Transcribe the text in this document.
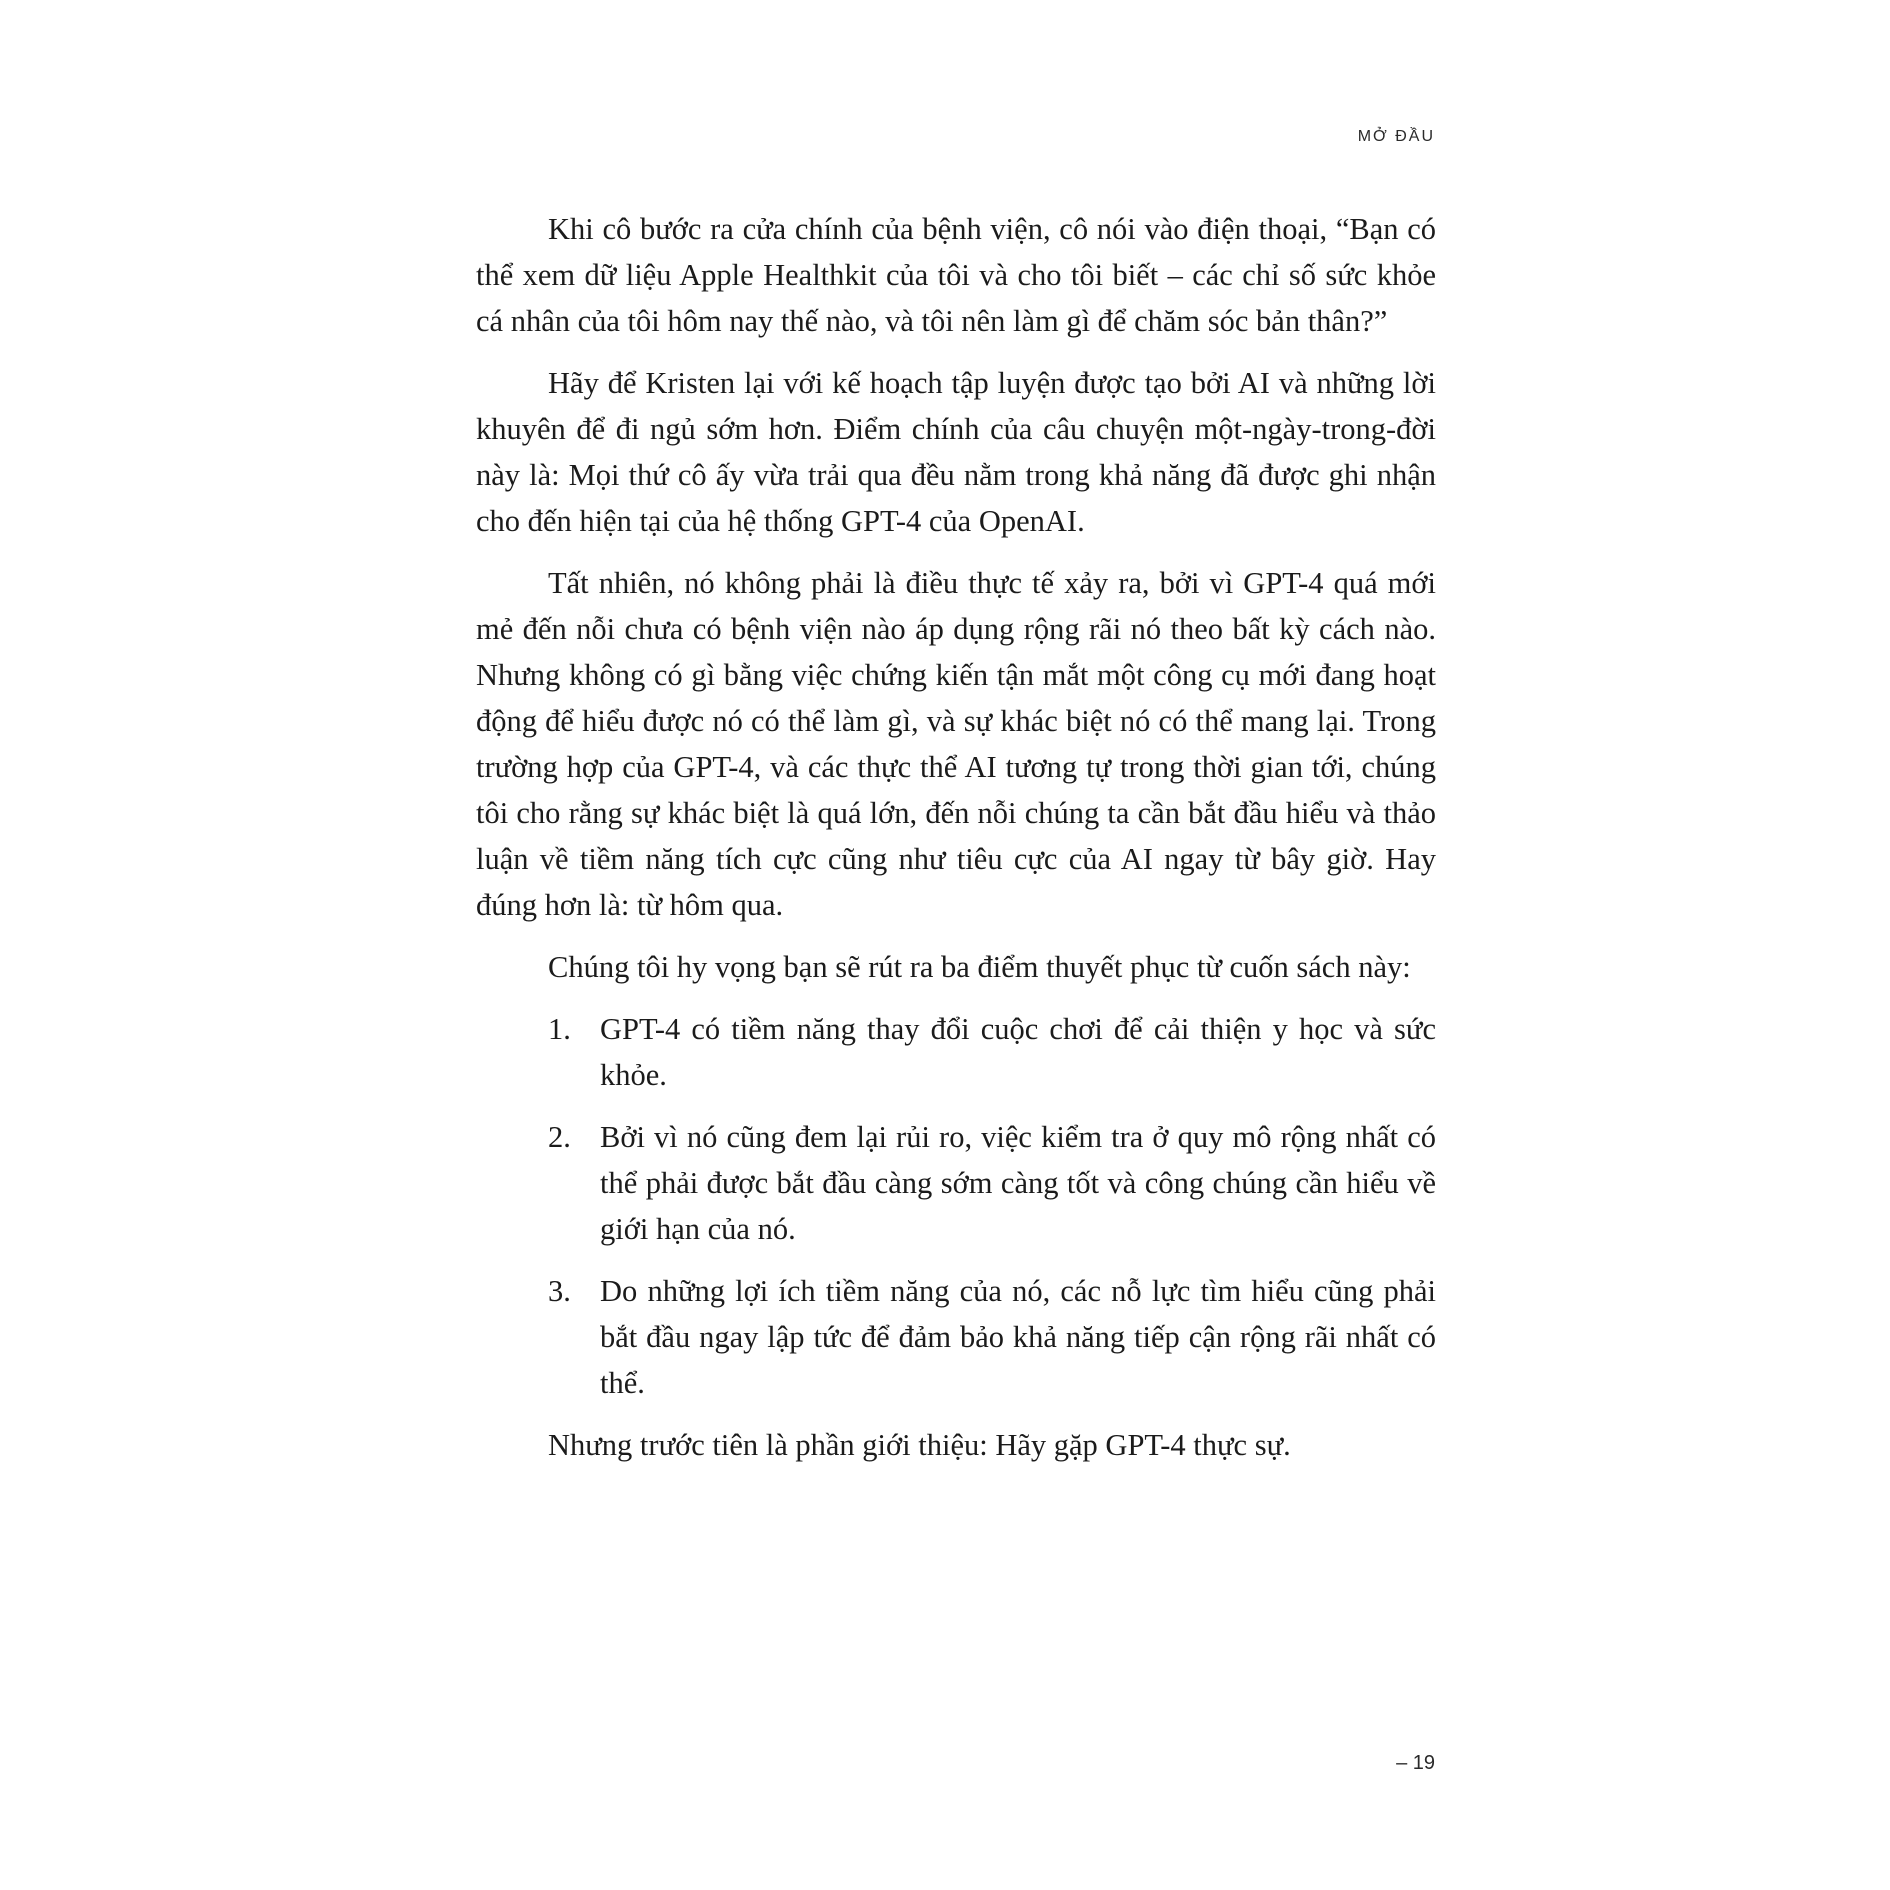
MỞ ĐẦU

Khi cô bước ra cửa chính của bệnh viện, cô nói vào điện thoại, “Bạn có thể xem dữ liệu Apple Healthkit của tôi và cho tôi biết – các chỉ số sức khỏe cá nhân của tôi hôm nay thế nào, và tôi nên làm gì để chăm sóc bản thân?”

Hãy để Kristen lại với kế hoạch tập luyện được tạo bởi AI và những lời khuyên để đi ngủ sớm hơn. Điểm chính của câu chuyện một-ngày-trong-đời này là: Mọi thứ cô ấy vừa trải qua đều nằm trong khả năng đã được ghi nhận cho đến hiện tại của hệ thống GPT-4 của OpenAI.

Tất nhiên, nó không phải là điều thực tế xảy ra, bởi vì GPT-4 quá mới mẻ đến nỗi chưa có bệnh viện nào áp dụng rộng rãi nó theo bất kỳ cách nào. Nhưng không có gì bằng việc chứng kiến tận mắt một công cụ mới đang hoạt động để hiểu được nó có thể làm gì, và sự khác biệt nó có thể mang lại. Trong trường hợp của GPT-4, và các thực thể AI tương tự trong thời gian tới, chúng tôi cho rằng sự khác biệt là quá lớn, đến nỗi chúng ta cần bắt đầu hiểu và thảo luận về tiềm năng tích cực cũng như tiêu cực của AI ngay từ bây giờ. Hay đúng hơn là: từ hôm qua.

Chúng tôi hy vọng bạn sẽ rút ra ba điểm thuyết phục từ cuốn sách này:

1. GPT-4 có tiềm năng thay đổi cuộc chơi để cải thiện y học và sức khỏe.
2. Bởi vì nó cũng đem lại rủi ro, việc kiểm tra ở quy mô rộng nhất có thể phải được bắt đầu càng sớm càng tốt và công chúng cần hiểu về giới hạn của nó.
3. Do những lợi ích tiềm năng của nó, các nỗ lực tìm hiểu cũng phải bắt đầu ngay lập tức để đảm bảo khả năng tiếp cận rộng rãi nhất có thể.

Nhưng trước tiên là phần giới thiệu: Hãy gặp GPT-4 thực sự.

– 19
